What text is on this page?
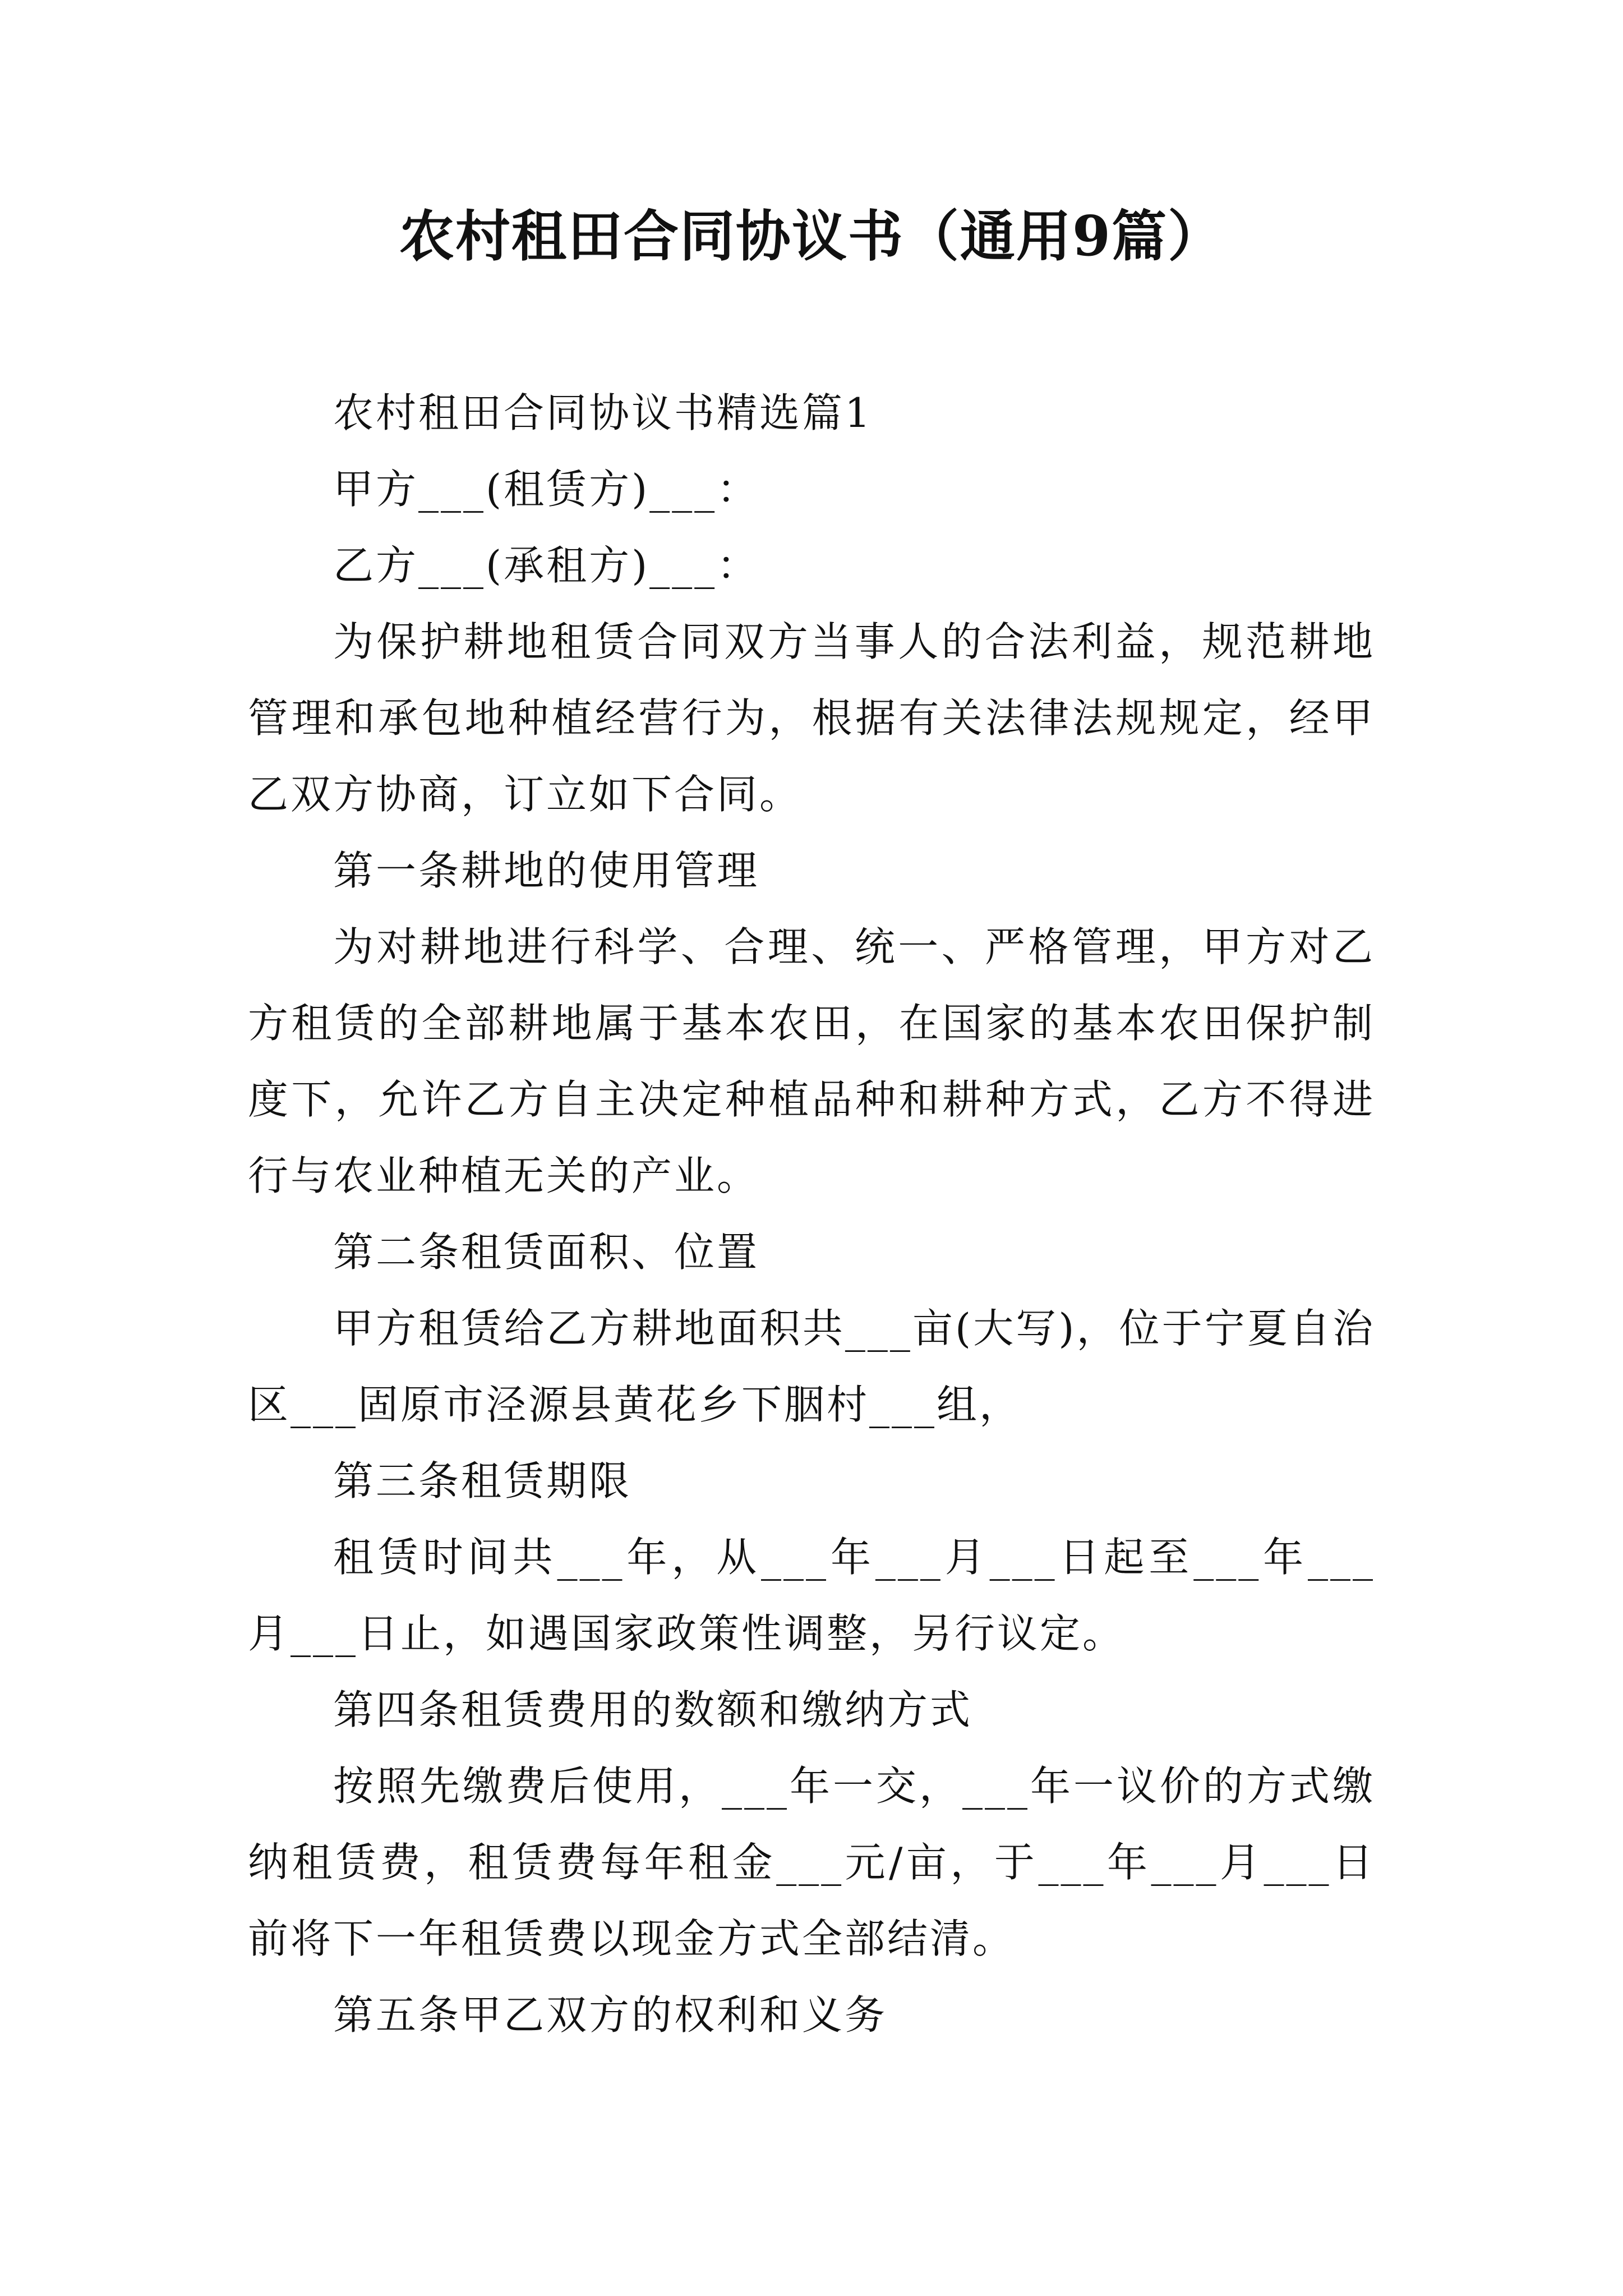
农村租田合同协议书（通用9篇）

农村租田合同协议书精选篇1

甲方___(租赁方)___：

乙方___(承租方)___：

为保护耕地租赁合同双方当事人的合法利益，规范耕地管理和承包地种植经营行为，根据有关法律法规规定，经甲乙双方协商，订立如下合同。

第一条耕地的使用管理

为对耕地进行科学、合理、统一、严格管理，甲方对乙方租赁的全部耕地属于基本农田，在国家的基本农田保护制度下，允许乙方自主决定种植品种和耕种方式，乙方不得进行与农业种植无关的产业。

第二条租赁面积、位置

甲方租赁给乙方耕地面积共___亩(大写)，位于宁夏自治区___固原市泾源县黄花乡下胭村___组，

第三条租赁期限

租赁时间共___年，从___年___月___日起至___年___月___日止，如遇国家政策性调整，另行议定。

第四条租赁费用的数额和缴纳方式

按照先缴费后使用，___年一交，___年一议价的方式缴纳租赁费，租赁费每年租金___元/亩，于___年___月___日前将下一年租赁费以现金方式全部结清。

第五条甲乙双方的权利和义务
